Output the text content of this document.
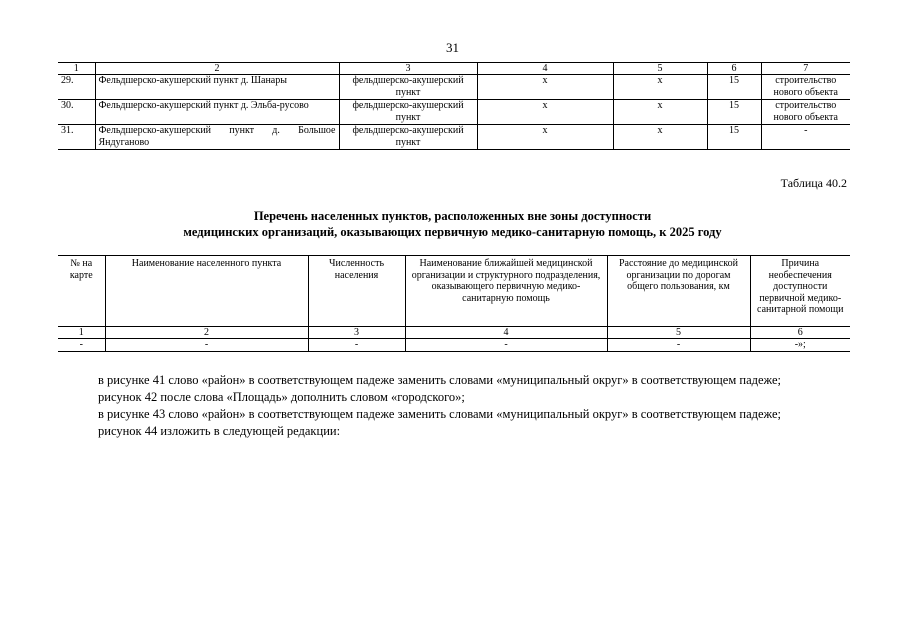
31
1	2	3	4	5	6	7
29.	Фельдшерско-акушерский пункт д. Шанары	фельдшерско-акушерский пункт	х	х	15	строительство нового объекта
30.	Фельдшерско-акушерский пункт д. Эльба-русово	фельдшерско-акушерский пункт	х	х	15	строительство нового объекта
31.	Фельдшерско-акушерский пункт д. Большое Яндуганово	фельдшерско-акушерский пункт	х	х	15	-
Таблица 40.2
Перечень населенных пунктов, расположенных вне зоны доступности
медицинских организаций, оказывающих первичную медико-санитарную помощь, к 2025 году
№ на карте	Наименование населенного пункта	Численность населения	Наименование ближайшей медицинской организации и структурного подразделения, оказывающего первичную медико-санитарную помощь	Расстояние до медицинской организации по дорогам общего пользования, км	Причина необеспечения доступности первичной медико-санитарной помощи
1	2	3	4	5	6
-	-	-	-	-	-»;

в рисунке 41 слово «район» в соответствующем падеже заменить словами «муниципальный округ» в соответствующем падеже;

рисунок 42 после слова «Площадь» дополнить словом «городского»;

в рисунке 43 слово «район» в соответствующем падеже заменить словами «муниципальный округ» в соответствующем падеже;

рисунок 44 изложить в следующей редакции:
